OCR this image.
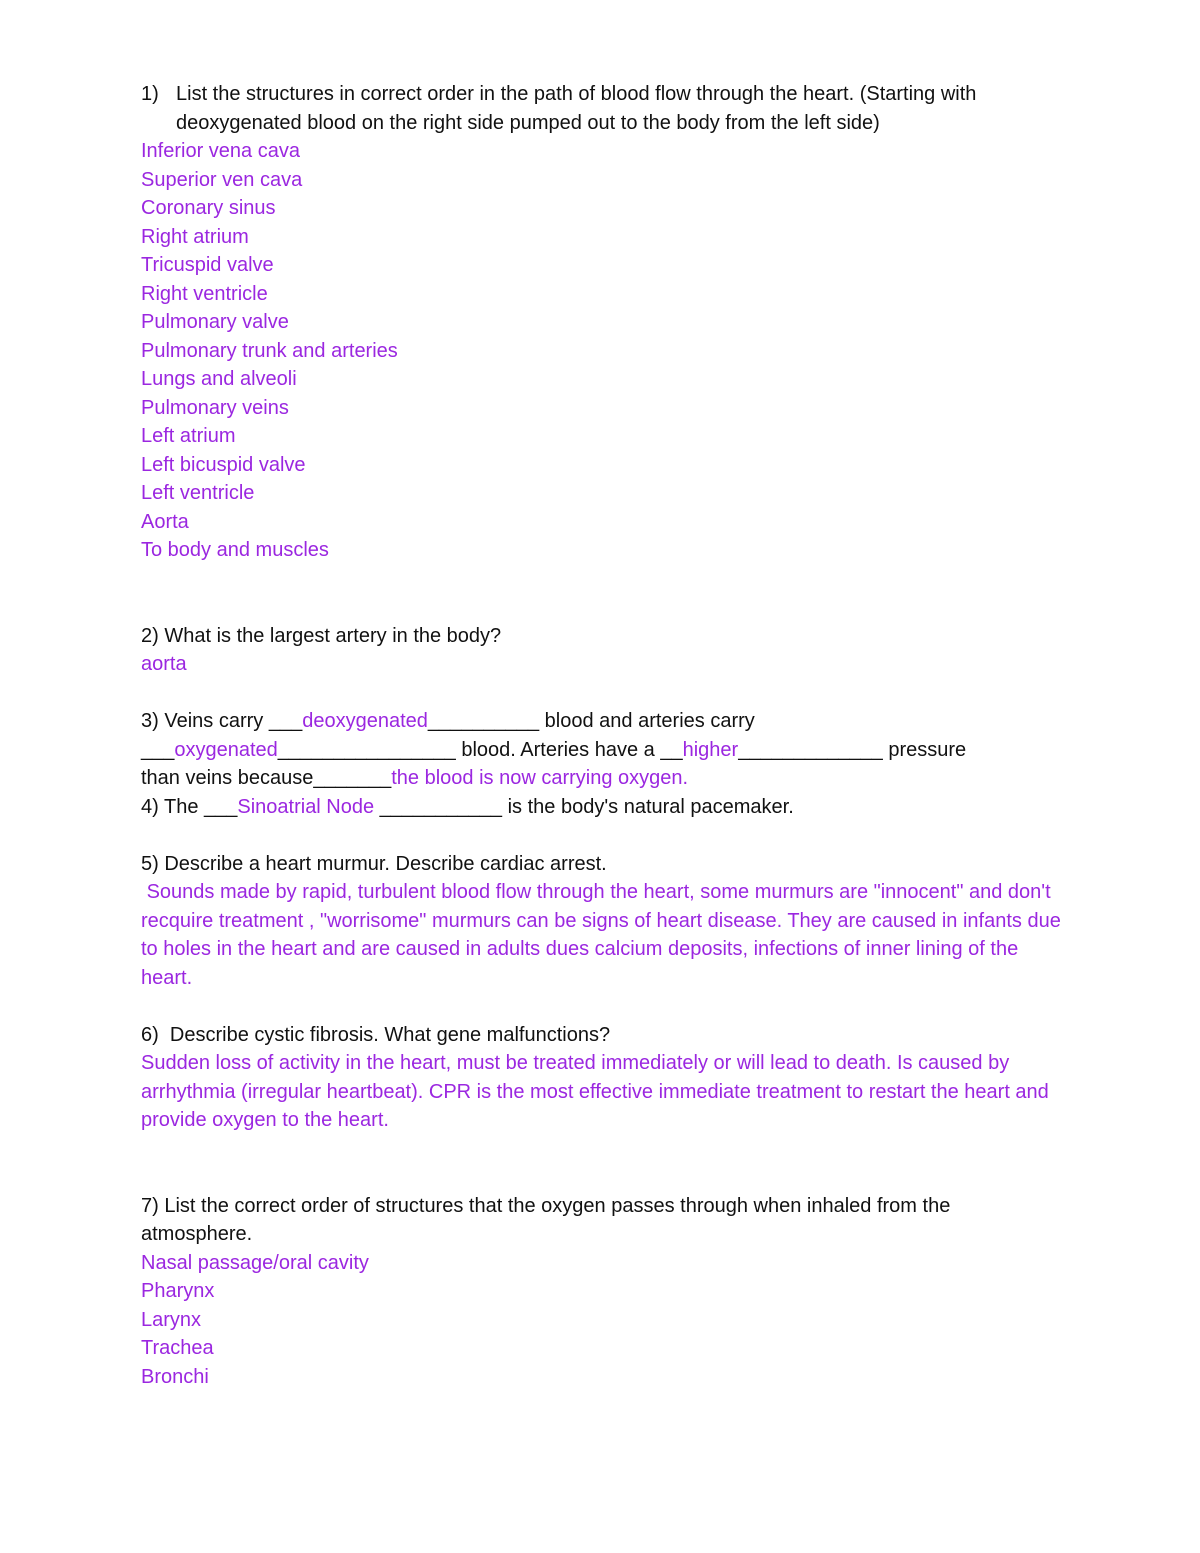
1) List the structures in correct order in the path of blood flow through the heart. (Starting with deoxygenated blood on the right side pumped out to the body from the left side)
Inferior vena cava
Superior ven cava
Coronary sinus
Right atrium
Tricuspid valve
Right ventricle
Pulmonary valve
Pulmonary trunk and arteries
Lungs and alveoli
Pulmonary veins
Left atrium
Left bicuspid valve
Left ventricle
Aorta
To body and muscles
2) What is the largest artery in the body?
aorta
3) Veins carry ___deoxygenated__________ blood and arteries carry
___oxygenated________________ blood. Arteries have a __higher_____________ pressure
than veins because_______the blood is now carrying oxygen.
4) The ___Sinoatrial Node ___________ is the body's natural pacemaker.
5) Describe a heart murmur. Describe cardiac arrest.
Sounds made by rapid, turbulent blood flow through the heart, some murmurs are "innocent" and don't recquire treatment , "worrisome" murmurs can be signs of heart disease. They are caused in infants due to holes in the heart and are caused in adults dues calcium deposits, infections of inner lining of the heart.
6)  Describe cystic fibrosis. What gene malfunctions?
Sudden loss of activity in the heart, must be treated immediately or will lead to death. Is caused by arrhythmia (irregular heartbeat). CPR is the most effective immediate treatment to restart the heart and provide oxygen to the heart.
7) List the correct order of structures that the oxygen passes through when inhaled from the atmosphere.
Nasal passage/oral cavity
Pharynx
Larynx
Trachea
Bronchi
